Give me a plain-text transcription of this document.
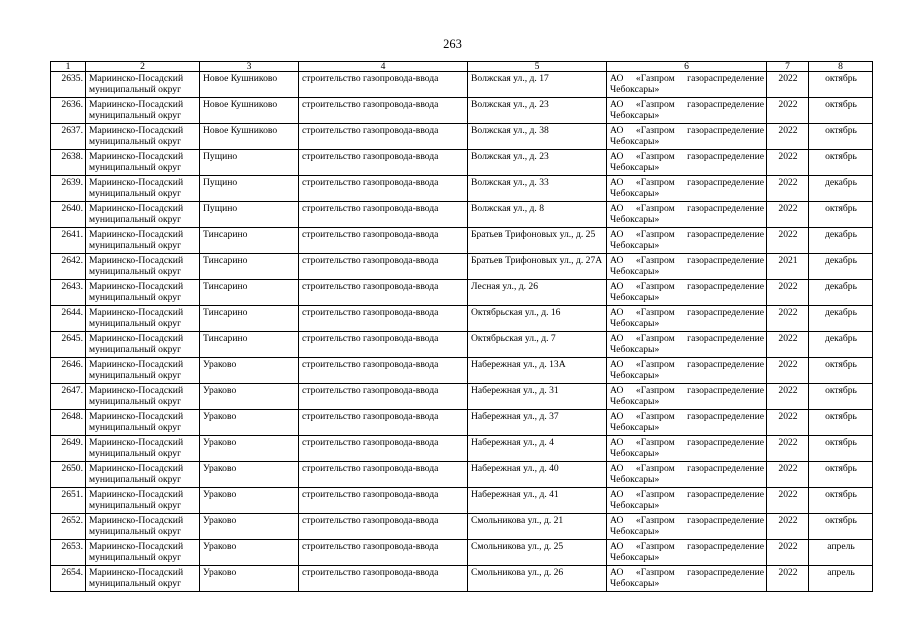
263
1	2	3	4	5	6	7	8
2635.	Мариинско-Посадский муниципальный округ	Новое Кушниково	строительство газопровода-ввода	Волжская ул., д. 17	АО «Газпром газораспределение Чебоксары»	2022	октябрь
2636.	Мариинско-Посадский муниципальный округ	Новое Кушниково	строительство газопровода-ввода	Волжская ул., д. 23	АО «Газпром газораспределение Чебоксары»	2022	октябрь
2637.	Мариинско-Посадский муниципальный округ	Новое Кушниково	строительство газопровода-ввода	Волжская ул., д. 38	АО «Газпром газораспределение Чебоксары»	2022	октябрь
2638.	Мариинско-Посадский муниципальный округ	Пущино	строительство газопровода-ввода	Волжская ул., д. 23	АО «Газпром газораспределение Чебоксары»	2022	октябрь
2639.	Мариинско-Посадский муниципальный округ	Пущино	строительство газопровода-ввода	Волжская ул., д. 33	АО «Газпром газораспределение Чебоксары»	2022	декабрь
2640.	Мариинско-Посадский муниципальный округ	Пущино	строительство газопровода-ввода	Волжская ул., д. 8	АО «Газпром газораспределение Чебоксары»	2022	октябрь
2641.	Мариинско-Посадский муниципальный округ	Тинсарино	строительство газопровода-ввода	Братьев Трифоновых ул., д. 25	АО «Газпром газораспределение Чебоксары»	2022	декабрь
2642.	Мариинско-Посадский муниципальный округ	Тинсарино	строительство газопровода-ввода	Братьев Трифоновых ул., д. 27А	АО «Газпром газораспределение Чебоксары»	2021	декабрь
2643.	Мариинско-Посадский муниципальный округ	Тинсарино	строительство газопровода-ввода	Лесная ул., д. 26	АО «Газпром газораспределение Чебоксары»	2022	декабрь
2644.	Мариинско-Посадский муниципальный округ	Тинсарино	строительство газопровода-ввода	Октябрьская ул., д. 16	АО «Газпром газораспределение Чебоксары»	2022	декабрь
2645.	Мариинско-Посадский муниципальный округ	Тинсарино	строительство газопровода-ввода	Октябрьская ул., д. 7	АО «Газпром газораспределение Чебоксары»	2022	декабрь
2646.	Мариинско-Посадский муниципальный округ	Ураково	строительство газопровода-ввода	Набережная ул., д. 13А	АО «Газпром газораспределение Чебоксары»	2022	октябрь
2647.	Мариинско-Посадский муниципальный округ	Ураково	строительство газопровода-ввода	Набережная ул., д. 31	АО «Газпром газораспределение Чебоксары»	2022	октябрь
2648.	Мариинско-Посадский муниципальный округ	Ураково	строительство газопровода-ввода	Набережная ул., д. 37	АО «Газпром газораспределение Чебоксары»	2022	октябрь
2649.	Мариинско-Посадский муниципальный округ	Ураково	строительство газопровода-ввода	Набережная ул., д. 4	АО «Газпром газораспределение Чебоксары»	2022	октябрь
2650.	Мариинско-Посадский муниципальный округ	Ураково	строительство газопровода-ввода	Набережная ул., д. 40	АО «Газпром газораспределение Чебоксары»	2022	октябрь
2651.	Мариинско-Посадский муниципальный округ	Ураково	строительство газопровода-ввода	Набережная ул., д. 41	АО «Газпром газораспределение Чебоксары»	2022	октябрь
2652.	Мариинско-Посадский муниципальный округ	Ураково	строительство газопровода-ввода	Смольникова ул., д. 21	АО «Газпром газораспределение Чебоксары»	2022	октябрь
2653.	Мариинско-Посадский муниципальный округ	Ураково	строительство газопровода-ввода	Смольникова ул., д. 25	АО «Газпром газораспределение Чебоксары»	2022	апрель
2654.	Мариинско-Посадский муниципальный округ	Ураково	строительство газопровода-ввода	Смольникова ул., д. 26	АО «Газпром газораспределение Чебоксары»	2022	апрель
